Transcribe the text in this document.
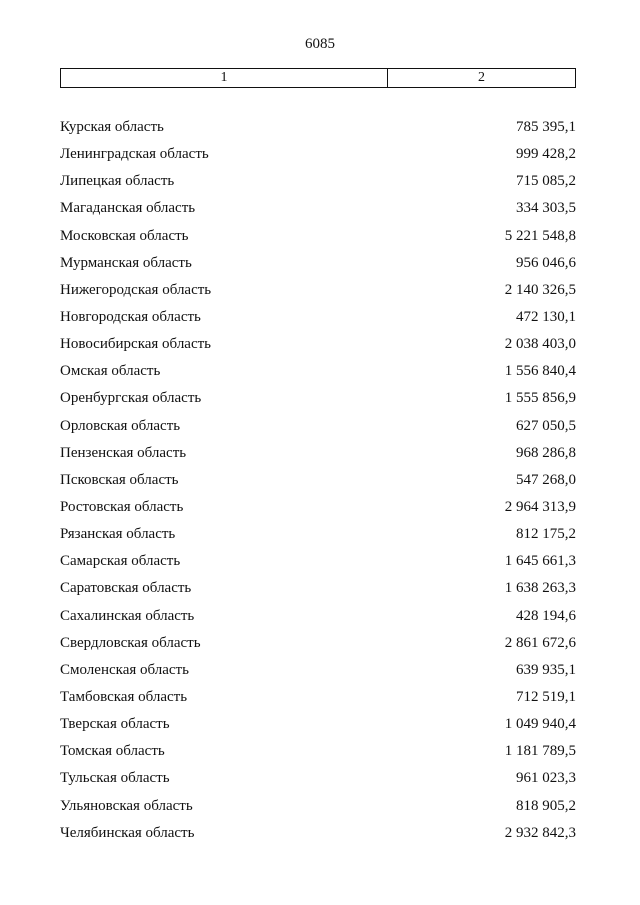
6085
1	2
Курская область	785 395,1
Ленинградская область	999 428,2
Липецкая область	715 085,2
Магаданская область	334 303,5
Московская область	5 221 548,8
Мурманская область	956 046,6
Нижегородская область	2 140 326,5
Новгородская область	472 130,1
Новосибирская область	2 038 403,0
Омская область	1 556 840,4
Оренбургская область	1 555 856,9
Орловская область	627 050,5
Пензенская область	968 286,8
Псковская область	547 268,0
Ростовская область	2 964 313,9
Рязанская область	812 175,2
Самарская область	1 645 661,3
Саратовская область	1 638 263,3
Сахалинская область	428 194,6
Свердловская область	2 861 672,6
Смоленская область	639 935,1
Тамбовская область	712 519,1
Тверская область	1 049 940,4
Томская область	1 181 789,5
Тульская область	961 023,3
Ульяновская область	818 905,2
Челябинская область	2 932 842,3
